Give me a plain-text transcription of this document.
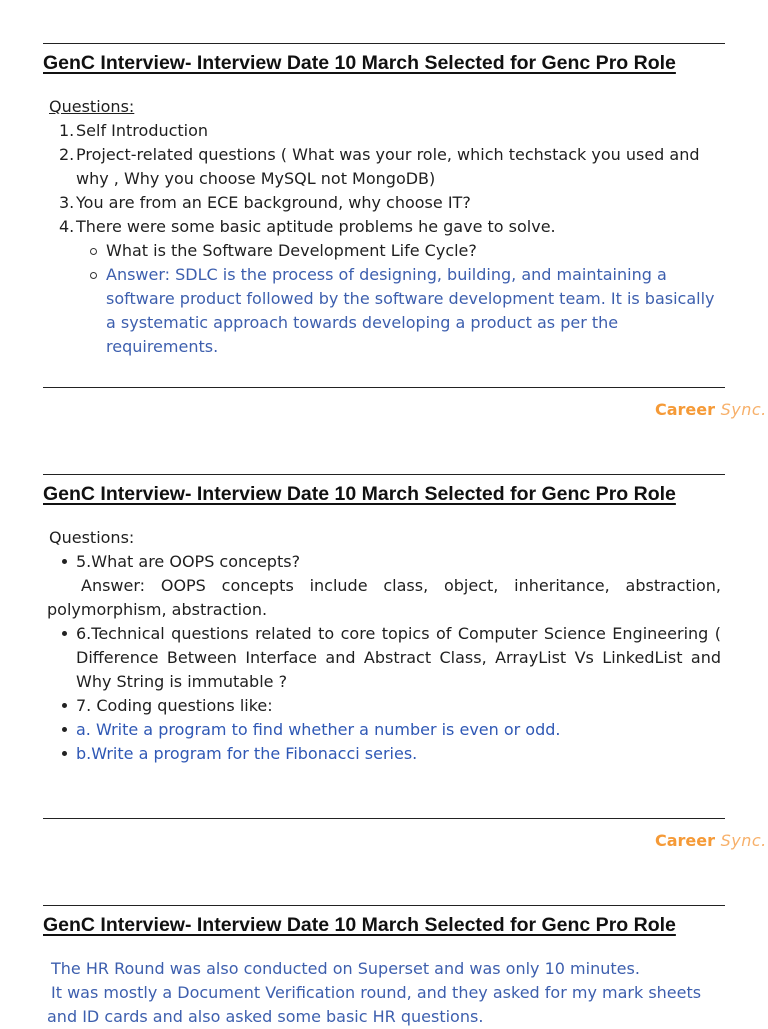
GenC Interview- Interview Date 10 March Selected for Genc Pro Role
Questions:
1. Self Introduction
2. Project-related questions ( What was your role, which techstack you used and why , Why you choose MySQL not MongoDB)
3. You are from an ECE background, why choose IT?
4. There were some basic aptitude problems he gave to solve.
What is the Software Development Life Cycle?
Answer: SDLC is the process of designing, building, and maintaining a software product followed by the software development team. It is basically a systematic approach towards developing a product as per the requirements.
Career Sync.
GenC Interview- Interview Date 10 March Selected for Genc Pro Role
Questions:
5.What are OOPS concepts?
Answer: OOPS concepts include class, object, inheritance, abstraction, polymorphism, abstraction.
6.Technical questions related to core topics of Computer Science Engineering ( Difference Between Interface and Abstract Class, ArrayList Vs LinkedList and Why String is immutable ?
7. Coding questions like:
a. Write a program to find whether a number is even or odd.
b.Write a program for the Fibonacci series.
Career Sync.
GenC Interview- Interview Date 10 March Selected for Genc Pro Role
The HR Round was also conducted on Superset and was only 10 minutes.
It was mostly a Document Verification round, and they asked for my mark sheets and ID cards and also asked some basic HR questions.
